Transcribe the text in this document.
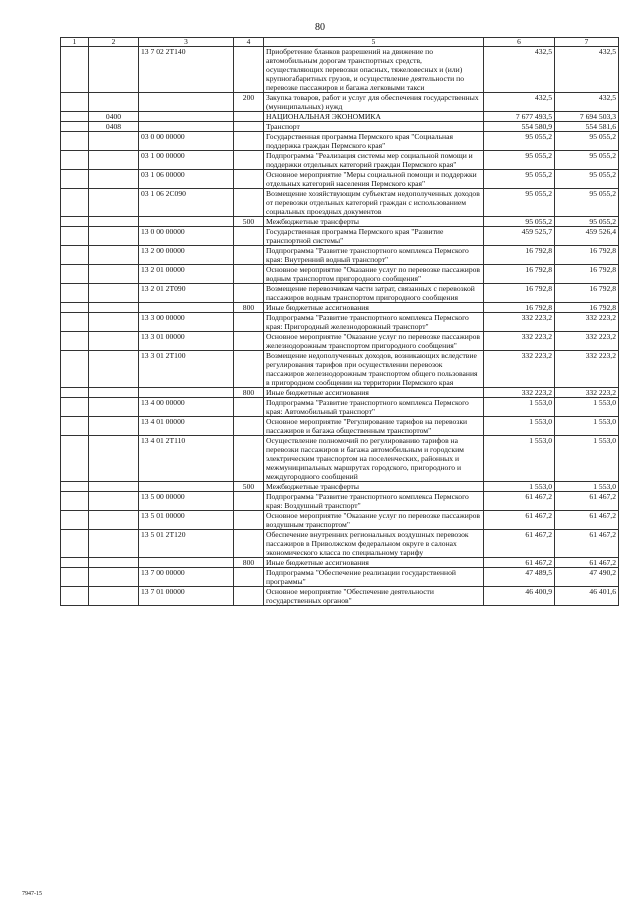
80
1	2	3	4	5	6	7
		13 7 02 2Т140		Приобретение бланков разрешений на движение по автомобильным дорогам транспортных средств, осуществляющих перевозки опасных, тяжеловесных и (или) крупногабаритных грузов, и осуществление деятельности по перевозке пассажиров и багажа легковыми такси	432,5	432,5
			200	Закупка товаров, работ и услуг для обеспечения государственных (муниципальных) нужд	432,5	432,5
	0400			НАЦИОНАЛЬНАЯ ЭКОНОМИКА	7 677 493,5	7 694 503,3
	0408			Транспорт	554 580,9	554 581,6
		03 0 00 00000		Государственная программа Пермского края "Социальная поддержка граждан Пермского края"	95 055,2	95 055,2
		03 1 00 00000		Подпрограмма "Реализация системы мер социальной помощи и поддержки отдельных категорий граждан Пермского края"	95 055,2	95 055,2
		03 1 06 00000		Основное мероприятие "Меры социальной помощи и поддержки отдельных категорий населения Пермского края"	95 055,2	95 055,2
		03 1 06 2С090		Возмещение хозяйствующим субъектам недополученных доходов от перевозки отдельных категорий граждан с использованием социальных проездных документов	95 055,2	95 055,2
			500	Межбюджетные трансферты	95 055,2	95 055,2
		13 0 00 00000		Государственная программа Пермского края "Развитие транспортной системы"	459 525,7	459 526,4
		13 2 00 00000		Подпрограмма "Развитие транспортного комплекса Пермского края: Внутренний водный транспорт"	16 792,8	16 792,8
		13 2 01 00000		Основное мероприятие "Оказание услуг по перевозке пассажиров водным транспортом пригородного сообщения"	16 792,8	16 792,8
		13 2 01 2Т090		Возмещение перевозчикам части затрат, связанных с перевозкой пассажиров водным транспортом пригородного сообщения	16 792,8	16 792,8
			800	Иные бюджетные ассигнования	16 792,8	16 792,8
		13 3 00 00000		Подпрограмма "Развитие транспортного комплекса Пермского края: Пригородный железнодорожный транспорт"	332 223,2	332 223,2
		13 3 01 00000		Основное мероприятие "Оказание услуг по перевозке пассажиров железнодорожным транспортом пригородного сообщения"	332 223,2	332 223,2
		13 3 01 2Т100		Возмещение недополученных доходов, возникающих вследствие регулирования тарифов при осуществлении перевозок пассажиров железнодорожным транспортом общего пользования в пригородном сообщении на территории Пермского края	332 223,2	332 223,2
			800	Иные бюджетные ассигнования	332 223,2	332 223,2
		13 4 00 00000		Подпрограмма "Развитие транспортного комплекса Пермского края: Автомобильный транспорт"	1 553,0	1 553,0
		13 4 01 00000		Основное мероприятие "Регулирование тарифов на перевозки пассажиров и багажа общественным транспортом"	1 553,0	1 553,0
		13 4 01 2Т110		Осуществление полномочий по регулированию тарифов на перевозки пассажиров и багажа автомобильным и городским электрическим транспортом на поселенческих, районных и межмуниципальных маршрутах городского, пригородного и междугородного сообщений	1 553,0	1 553,0
			500	Межбюджетные трансферты	1 553,0	1 553,0
		13 5 00 00000		Подпрограмма "Развитие транспортного комплекса Пермского края: Воздушный транспорт"	61 467,2	61 467,2
		13 5 01 00000		Основное мероприятие "Оказание услуг по перевозке пассажиров воздушным транспортом"	61 467,2	61 467,2
		13 5 01 2Т120		Обеспечение внутренних региональных воздушных перевозок пассажиров в Приволжском федеральном округе в салонах экономического класса по специальному тарифу	61 467,2	61 467,2
			800	Иные бюджетные ассигнования	61 467,2	61 467,2
		13 7 00 00000		Подпрограмма "Обеспечение реализации государственной программы"	47 489,5	47 490,2
		13 7 01 00000		Основное мероприятие "Обеспечение деятельности государственных органов"	46 400,9	46 401,6
7947-15
